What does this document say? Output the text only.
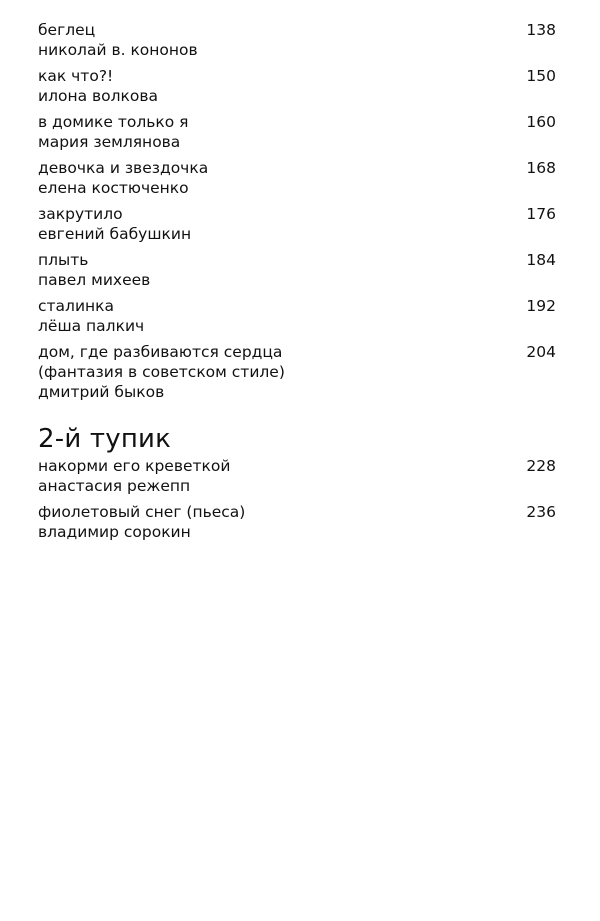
беглец
николай в. кононов
138
как что?!
илона волкова
150
в домике только я
мария землянова
160
девочка и звездочка
елена костюченко
168
закрутило
евгений бабушкин
176
плыть
павел михеев
184
сталинка
лёша палкич
192
дом, где разбиваются сердца
(фантазия в советском стиле)
дмитрий быков
204
2-й тупик
накорми его креветкой
анастасия режепп
228
фиолетовый снег (пьеса)
владимир сорокин
236
